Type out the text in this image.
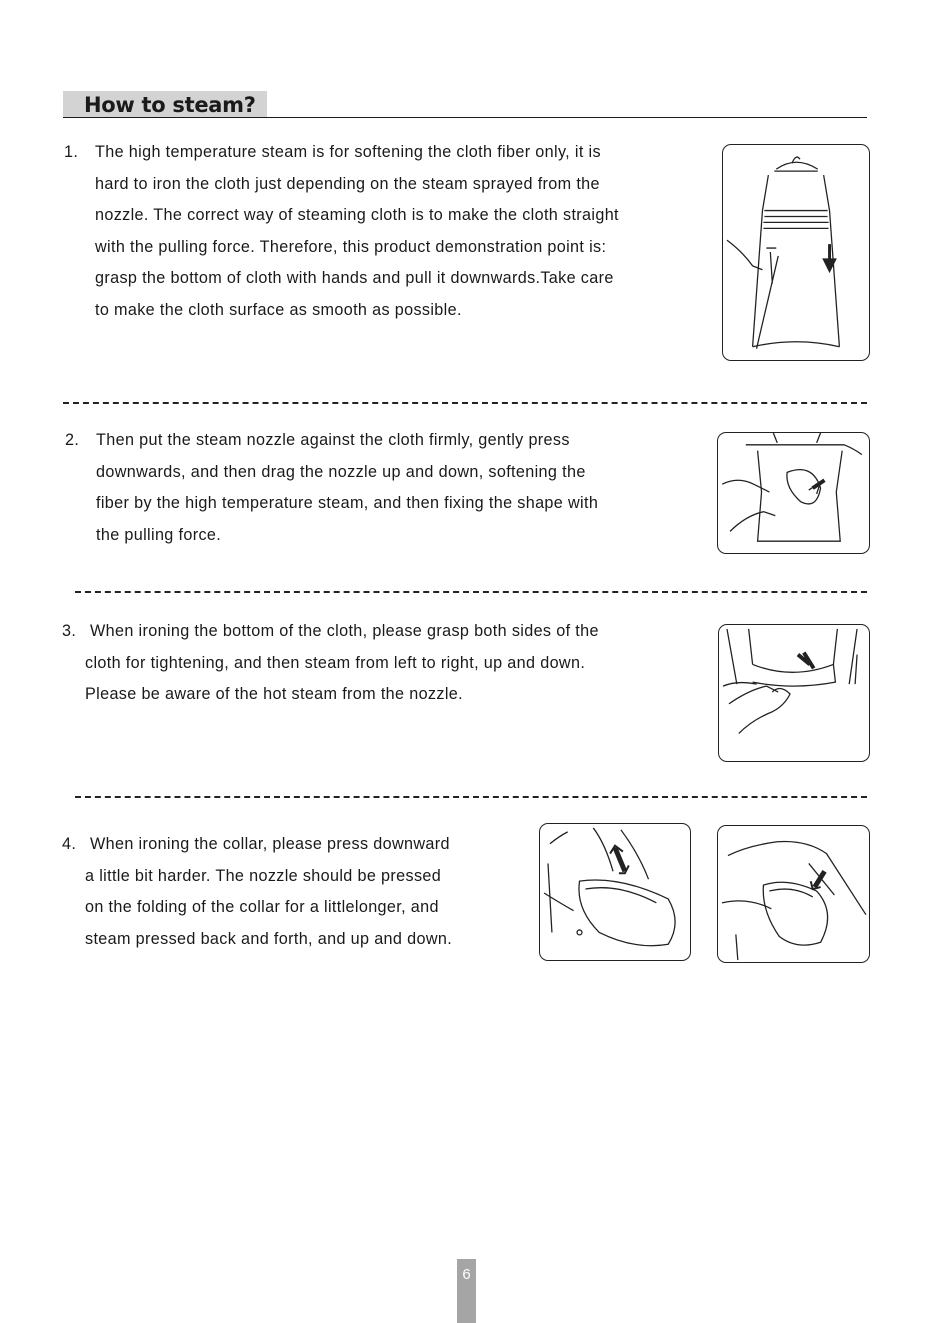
How to steam?
1. The high temperature steam is for softening the cloth fiber only, it is
hard to iron the cloth just depending on the steam sprayed from the
nozzle. The correct way of steaming cloth is to make the cloth straight
with the pulling force. Therefore, this product demonstration point is:
grasp the bottom of cloth with hands and pull it downwards.Take care
to make the cloth surface as smooth as possible.
2. Then put the steam nozzle against the cloth firmly, gently press
downwards, and then drag the nozzle up and down, softening the
fiber by the high temperature steam, and then fixing the shape with
the pulling force.
3. When ironing the bottom of the cloth, please grasp both sides of the
cloth for tightening, and then steam from left to right, up and down.
Please be aware of the hot steam from the nozzle.
4. When ironing the collar, please press downward
a little bit harder. The nozzle should be pressed
on the folding of the collar for a littlelonger, and
steam pressed back and forth, and up and down.
6
